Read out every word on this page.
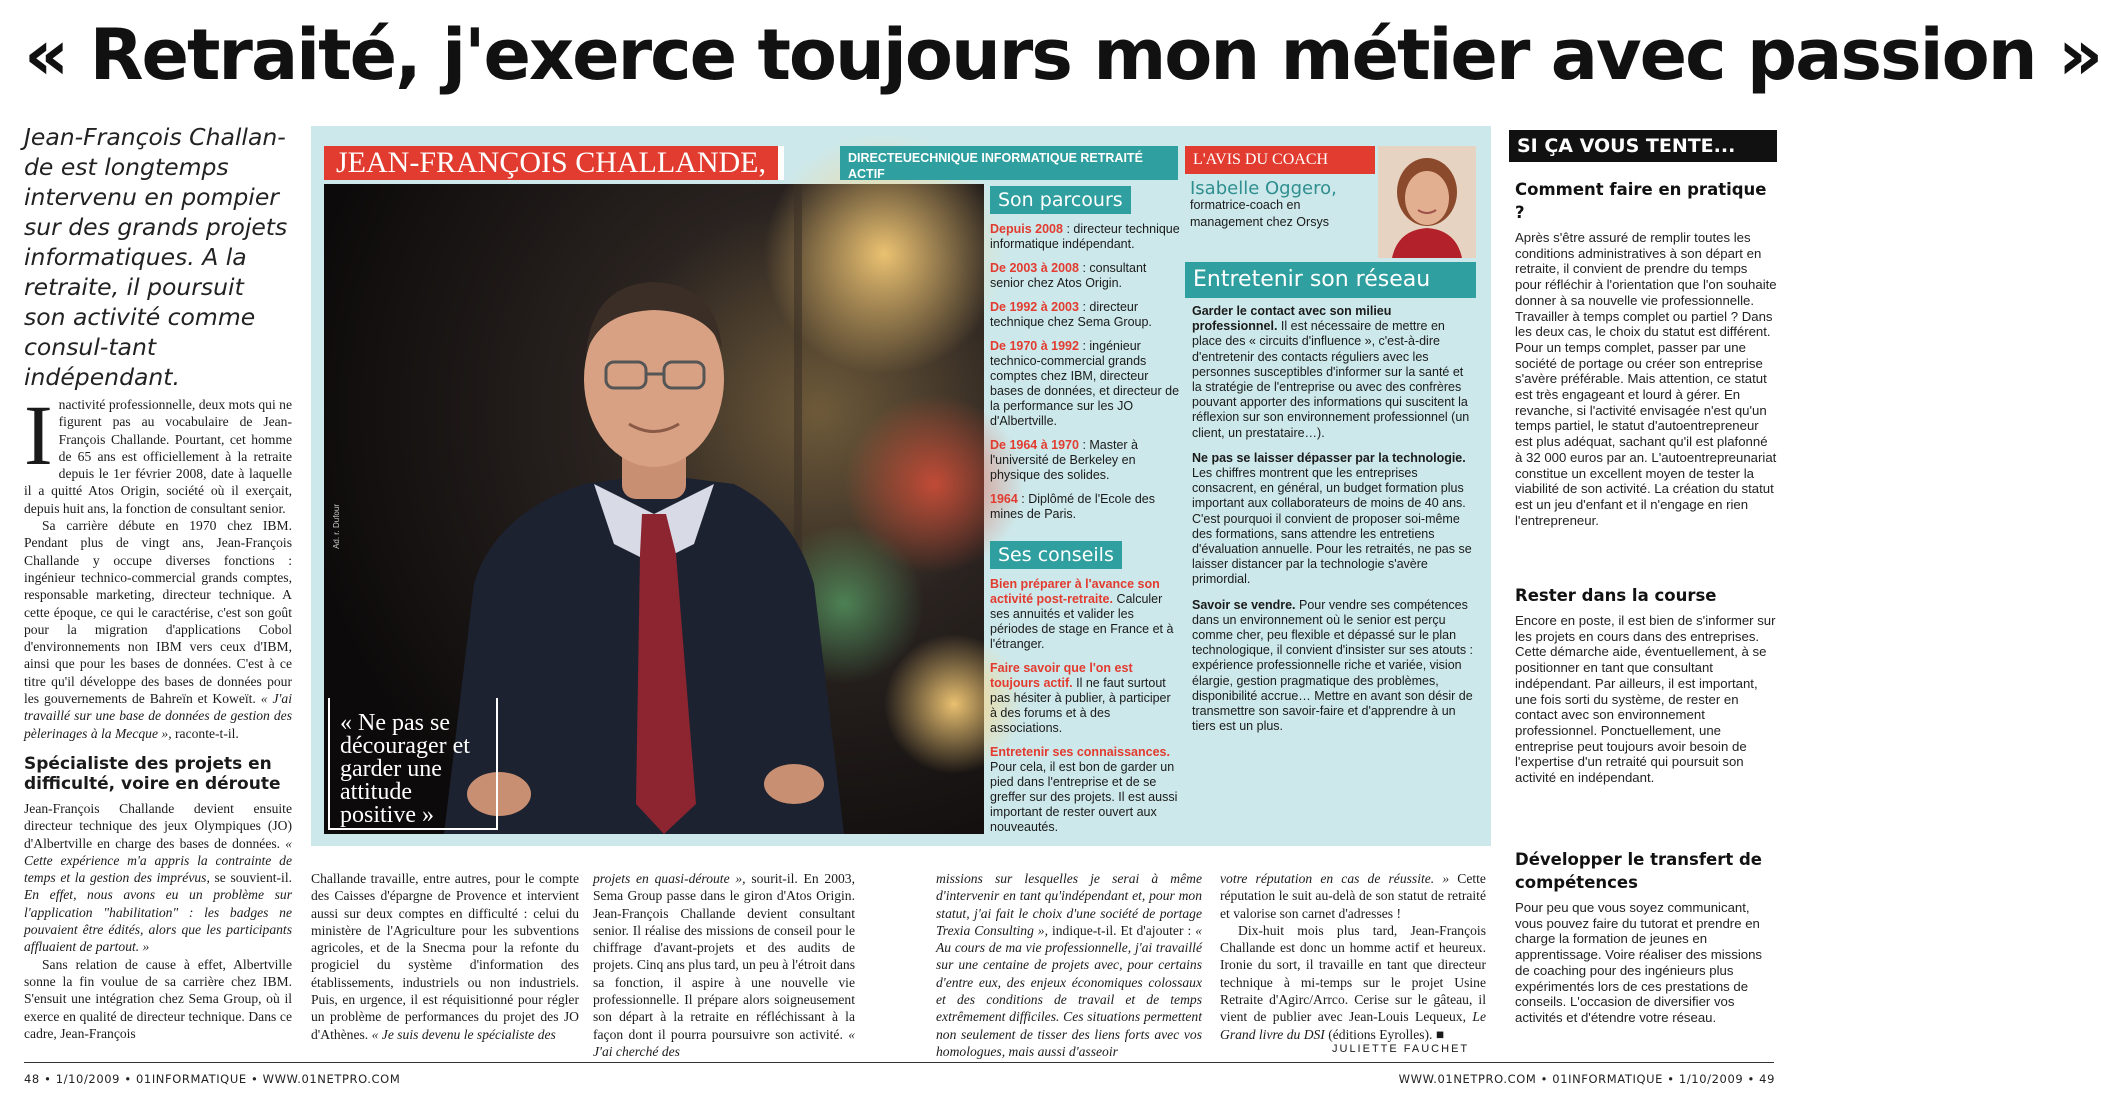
« Retraité, j'exerce toujours mon métier avec passion »
Jean-François Challan-de est longtemps intervenu en pompier sur des grands projets informatiques. A la retraite, il poursuit son activité comme consul-tant indépendant.

Inactivité professionnelle, deux mots qui ne figurent pas au vocabulaire de Jean-François Challande. Pourtant, cet homme de 65 ans est officiellement à la retraite depuis le 1er février 2008, date à laquelle il a quitté Atos Origin, société où il exerçait, depuis huit ans, la fonction de consultant senior.

Sa carrière débute en 1970 chez IBM. Pendant plus de vingt ans, Jean-François Challande y occupe diverses fonctions : ingénieur technico-commercial grands comptes, responsable marketing, directeur technique. A cette époque, ce qui le caractérise, c'est son goût pour la migration d'applications Cobol d'environnements non IBM vers ceux d'IBM, ainsi que pour les bases de données. C'est à ce titre qu'il développe des bases de données pour les gouvernements de Bahreïn et Koweït. « J'ai travaillé sur une base de données de gestion des pèlerinages à la Mecque », raconte-t-il.

Spécialiste des projets en difficulté, voire en déroute

Jean-François Challande devient ensuite directeur technique des jeux Olympiques (JO) d'Albertville en charge des bases de données. « Cette expérience m'a appris la contrainte de temps et la gestion des imprévus, se souvient-il. En effet, nous avons eu un problème sur l'application "habilitation" : les badges ne pouvaient être édités, alors que les participants affluaient de partout. »

Sans relation de cause à effet, Albertville sonne la fin voulue de sa carrière chez IBM. S'ensuit une intégration chez Sema Group, où il exerce en qualité de directeur technique. Dans ce cadre, Jean-François

Challande travaille, entre autres, pour le compte des Caisses d'épargne de Provence et intervient aussi sur deux comptes en difficulté : celui du ministère de l'Agriculture pour les subventions agricoles, et de la Snecma pour la refonte du progiciel du système d'information des établissements, industriels ou non industriels. Puis, en urgence, il est réquisitionné pour régler un problème de performances du projet des JO d'Athènes. « Je suis devenu le spécialiste des

projets en quasi-déroute », sourit-il. En 2003, Sema Group passe dans le giron d'Atos Origin. Jean-François Challande devient consultant senior. Il réalise des missions de conseil pour le chiffrage d'avant-projets et des audits de projets. Cinq ans plus tard, un peu à l'étroit dans sa fonction, il aspire à une nouvelle vie professionnelle. Il prépare alors soigneusement son départ à la retraite en réfléchissant à la façon dont il pourra poursuivre son activité. « J'ai cherché des

missions sur lesquelles je serai à même d'intervenir en tant qu'indépendant et, pour mon statut, j'ai fait le choix d'une société de portage Trexia Consulting », indique-t-il. Et d'ajouter : « Au cours de ma vie professionnelle, j'ai travaillé sur une centaine de projets avec, pour certains d'entre eux, des enjeux économiques colossaux et des conditions de travail et de temps extrêmement difficiles. Ces situations permettent non seulement de tisser des liens forts avec vos homologues, mais aussi d'asseoir

votre réputation en cas de réussite. » Cette réputation le suit au-delà de son statut de retraité et valorise son carnet d'adresses !

Dix-huit mois plus tard, Jean-François Challande est donc un homme actif et heureux. Ironie du sort, il travaille en tant que directeur technique à mi-temps sur le projet Usine Retraite d'Agirc/Arrco. Cerise sur le gâteau, il vient de publier avec Jean-Louis Lequeux, Le Grand livre du DSI (éditions Eyrolles). ■

JULIETTE FAUCHET
Ad. r. Dufour
« Ne pas se décourager et garder une attitude positive »
JEAN-FRANÇOIS CHALLANDE,	DIRECTEUECHNIQUE INFORMATIQUE RETRAITÉ ACTIF
Son parcours
Depuis 2008 : directeur technique informatique indépendant.
De 2003 à 2008 : consultant senior chez Atos Origin.
De 1992 à 2003 : directeur technique chez Sema Group.
De 1970 à 1992 : ingénieur technico-commercial grands comptes chez IBM, directeur bases de données, et directeur de la performance sur les JO d'Albertville.
De 1964 à 1970 : Master à l'université de Berkeley en physique des solides.
1964 : Diplômé de l'Ecole des mines de Paris.
Ses conseils
Bien préparer à l'avance son activité post-retraite. Calculer ses annuités et valider les périodes de stage en France et à l'étranger.
Faire savoir que l'on est toujours actif. Il ne faut surtout pas hésiter à publier, à participer à des forums et à des associations.
Entretenir ses connaissances. Pour cela, il est bon de garder un pied dans l'entreprise et de se greffer sur des projets. Il est aussi important de rester ouvert aux nouveautés.
L'AVIS DU COACH
Isabelle Oggero,
formatrice-coach en management chez Orsys
Entretenir son réseau

Garder le contact avec son milieu professionnel. Il est nécessaire de mettre en place des « circuits d'influence », c'est-à-dire d'entretenir des contacts réguliers avec les personnes susceptibles d'informer sur la santé et la stratégie de l'entreprise ou avec des confrères pouvant apporter des informations qui suscitent la réflexion sur son environnement professionnel (un client, un prestataire…).

Ne pas se laisser dépasser par la technologie. Les chiffres montrent que les entreprises consacrent, en général, un budget formation plus important aux collaborateurs de moins de 40 ans. C'est pourquoi il convient de proposer soi-même des formations, sans attendre les entretiens d'évaluation annuelle. Pour les retraités, ne pas se laisser distancer par la technologie s'avère primordial.

Savoir se vendre. Pour vendre ses compétences dans un environnement où le senior est perçu comme cher, peu flexible et dépassé sur le plan technologique, il convient d'insister sur ses atouts : expérience professionnelle riche et variée, vision élargie, gestion pragmatique des problèmes, disponibilité accrue… Mettre en avant son désir de transmettre son savoir-faire et d'apprendre à un tiers est un plus.

SI ÇA VOUS TENTE...
Comment faire en pratique ?

Après s'être assuré de remplir toutes les conditions administratives à son départ en retraite, il convient de prendre du temps pour réfléchir à l'orientation que l'on souhaite donner à sa nouvelle vie professionnelle. Travailler à temps complet ou partiel ? Dans les deux cas, le choix du statut est différent. Pour un temps complet, passer par une société de portage ou créer son entreprise s'avère préférable. Mais attention, ce statut est très engageant et lourd à gérer. En revanche, si l'activité envisagée n'est qu'un temps partiel, le statut d'autoentrepreneur est plus adéquat, sachant qu'il est plafonné à 32 000 euros par an. L'autoentrepreunariat constitue un excellent moyen de tester la viabilité de son activité. La création du statut est un jeu d'enfant et il n'engage en rien l'entrepreneur.

Rester dans la course

Encore en poste, il est bien de s'informer sur les projets en cours dans des entreprises. Cette démarche aide, éventuellement, à se positionner en tant que consultant indépendant. Par ailleurs, il est important, une fois sorti du système, de rester en contact avec son environnement professionnel. Ponctuellement, une entreprise peut toujours avoir besoin de l'expertise d'un retraité qui poursuit son activité en indépendant.

Développer le transfert de compétences

Pour peu que vous soyez communicant, vous pouvez faire du tutorat et prendre en charge la formation de jeunes en apprentissage. Voire réaliser des missions de coaching pour des ingénieurs plus expérimentés lors de ces prestations de conseils. L'occasion de diversifier vos activités et d'étendre votre réseau.

48 • 1/10/2009 • 01INFORMATIQUE • WWW.01NETPRO.COM	WWW.01NETPRO.COM • 01INFORMATIQUE • 1/10/2009 • 49
